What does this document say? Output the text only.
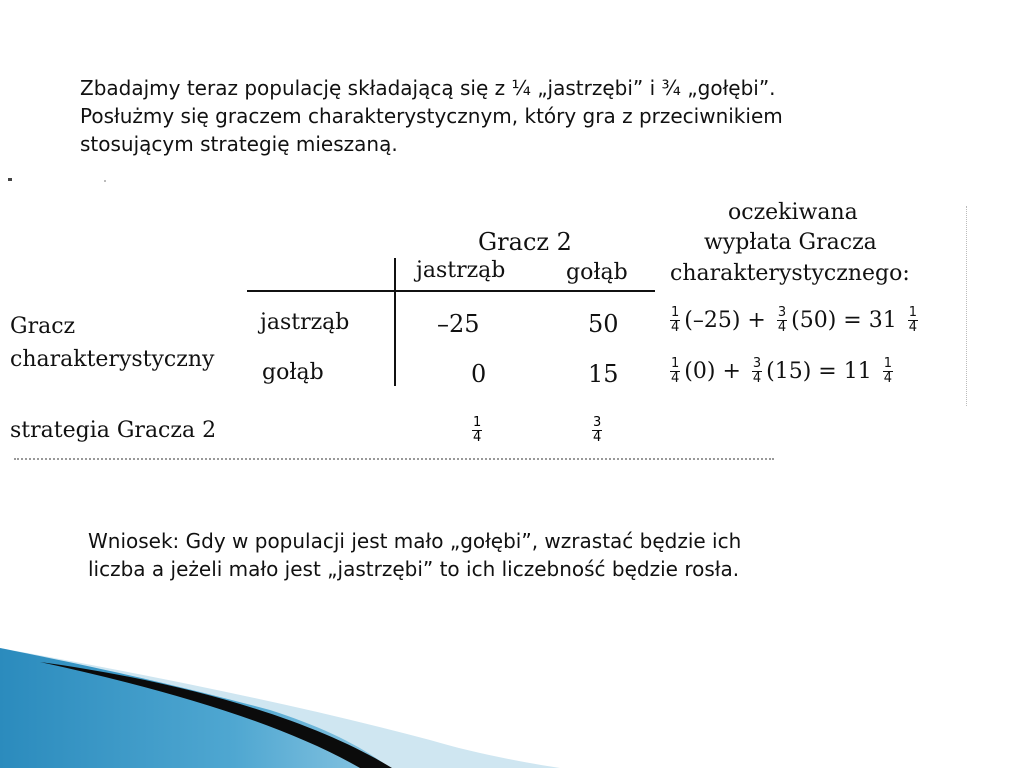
Zbadajmy teraz populację składającą się z ¼ „jastrzębi” i ¾ „gołębi”.
Posłużmy się graczem charakterystycznym, który gra z przeciwnikiem
stosującym strategię mieszaną.

Gracz 2
jastrząb	gołąb
Gracz
charakterystyczny
jastrząb	–25	50
gołąb	0	15
strategia Gracza 2	$\frac{1}{4}$	$\frac{3}{4}$
oczekiwana
wypłata Gracza
charakterystycznego:
$\frac{1}{4} (-25) + \frac{3}{4} (50) = 31 \frac{1}{4}$
$\frac{1}{4} (0) + \frac{3}{4} (15) = 11 \frac{1}{4}$

Wniosek: Gdy w populacji jest mało „gołębi”, wzrastać będzie ich
liczba a jeżeli mało jest „jastrzębi” to ich liczebność będzie rosła.
